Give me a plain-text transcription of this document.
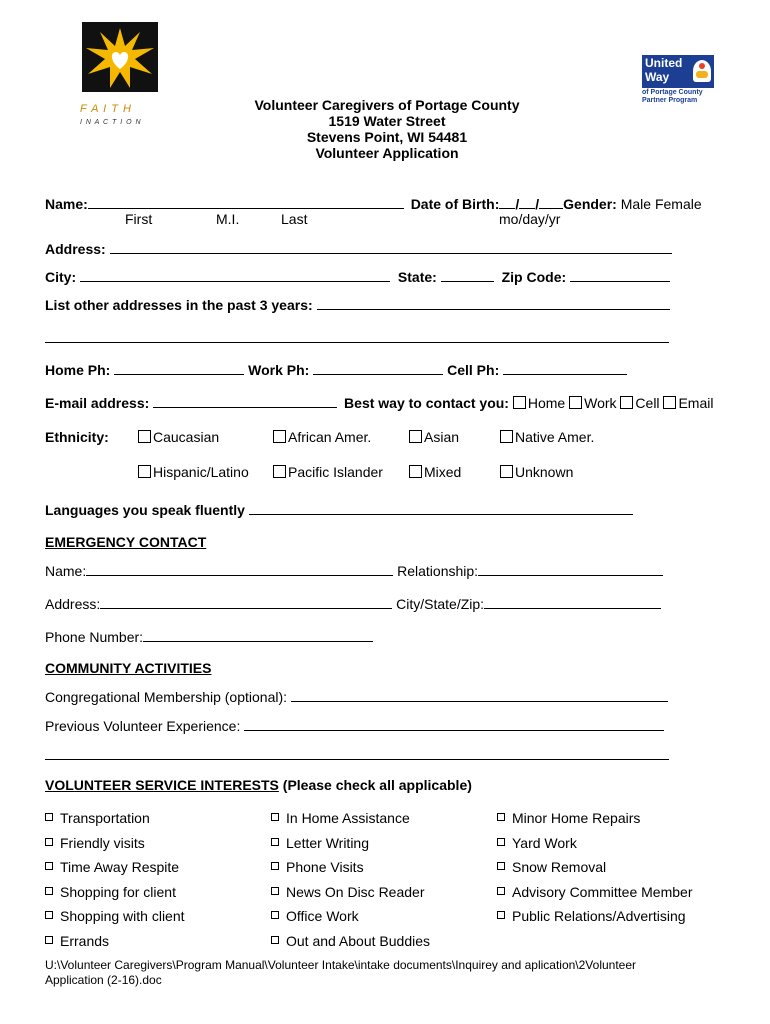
F A I T H
I N A C T I O N
United
Way
of Portage County
Partner Program
Volunteer Caregivers of Portage County
1519 Water Street
Stevens Point, WI 54481
Volunteer Application
Name:	Date of Birth: / / Gender: Male Female
First	M.I.	Last	mo/day/yr
Address:
City:	State:	Zip Code:
List other addresses in the past 3 years:
Home Ph:	Work Ph:	Cell Ph:
E-mail address:	Best way to contact you: Home Work Cell Email
Ethnicity:	Caucasian	African Amer.	Asian	Native Amer.
Hispanic/Latino	Pacific Islander	Mixed	Unknown
Languages you speak fluently
EMERGENCY CONTACT
Name:	Relationship:
Address:	City/State/Zip:
Phone Number:
COMMUNITY ACTIVITIES
Congregational Membership (optional):
Previous Volunteer Experience:
VOLUNTEER SERVICE INTERESTS (Please check all applicable)
Transportation
Friendly visits
Time Away Respite
Shopping for client
Shopping with client
Errands
In Home Assistance
Letter Writing
Phone Visits
News On Disc Reader
Office Work
Out and About Buddies
Minor Home Repairs
Yard Work
Snow Removal
Advisory Committee Member
Public Relations/Advertising
U:\Volunteer Caregivers\Program Manual\Volunteer Intake\intake documents\Inquirey and aplication\2Volunteer
Application (2-16).doc
